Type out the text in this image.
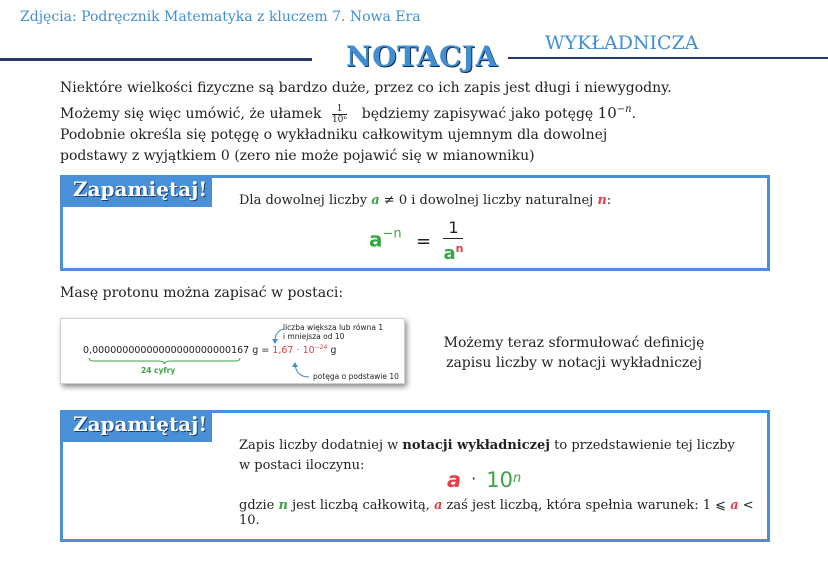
Zdjęcia: Podręcznik Matematyka z kluczem 7. Nowa Era
NOTACJA WYKŁADNICZA
Niektóre wielkości fizyczne są bardzo duże, przez co ich zapis jest długi i niewygodny.
Możemy się więc umówić, że ułamek $\frac{1}{\text{10ⁿ}}$ będziemy zapisywać jako potęgę $10^{-n}$.
Podobnie określa się potęgę o wykładniku całkowitym ujemnym dla dowolnej
podstawy z wyjątkiem 0 (zero nie może pojawić się w mianowniku)
Zapamiętaj!	Dla dowolnej liczby a ≠ 0 i dowolnej liczby naturalnej n:
$a^{-n} = \frac{1}{a^n}$
Masę protonu można zapisać w postaci:
liczba większa lub równa 1
i mniejsza od 10
0,00000000000000000000000167 $g = 1,67 \cdot 10^{-24}$ g
24 cyfry
potęga o podstawie 10
Możemy teraz sformułować definicję
zapisu liczby w notacji wykładniczej
Zapamiętaj!
Zapis liczby dodatniej w notacji wykładniczej to przedstawienie tej liczby w postaci iloczynu:
$a \cdot 10^n$
gdzie n jest liczbą całkowitą, a zaś jest liczbą, która spełnia warunek: 1 ⩽ a < 10.
